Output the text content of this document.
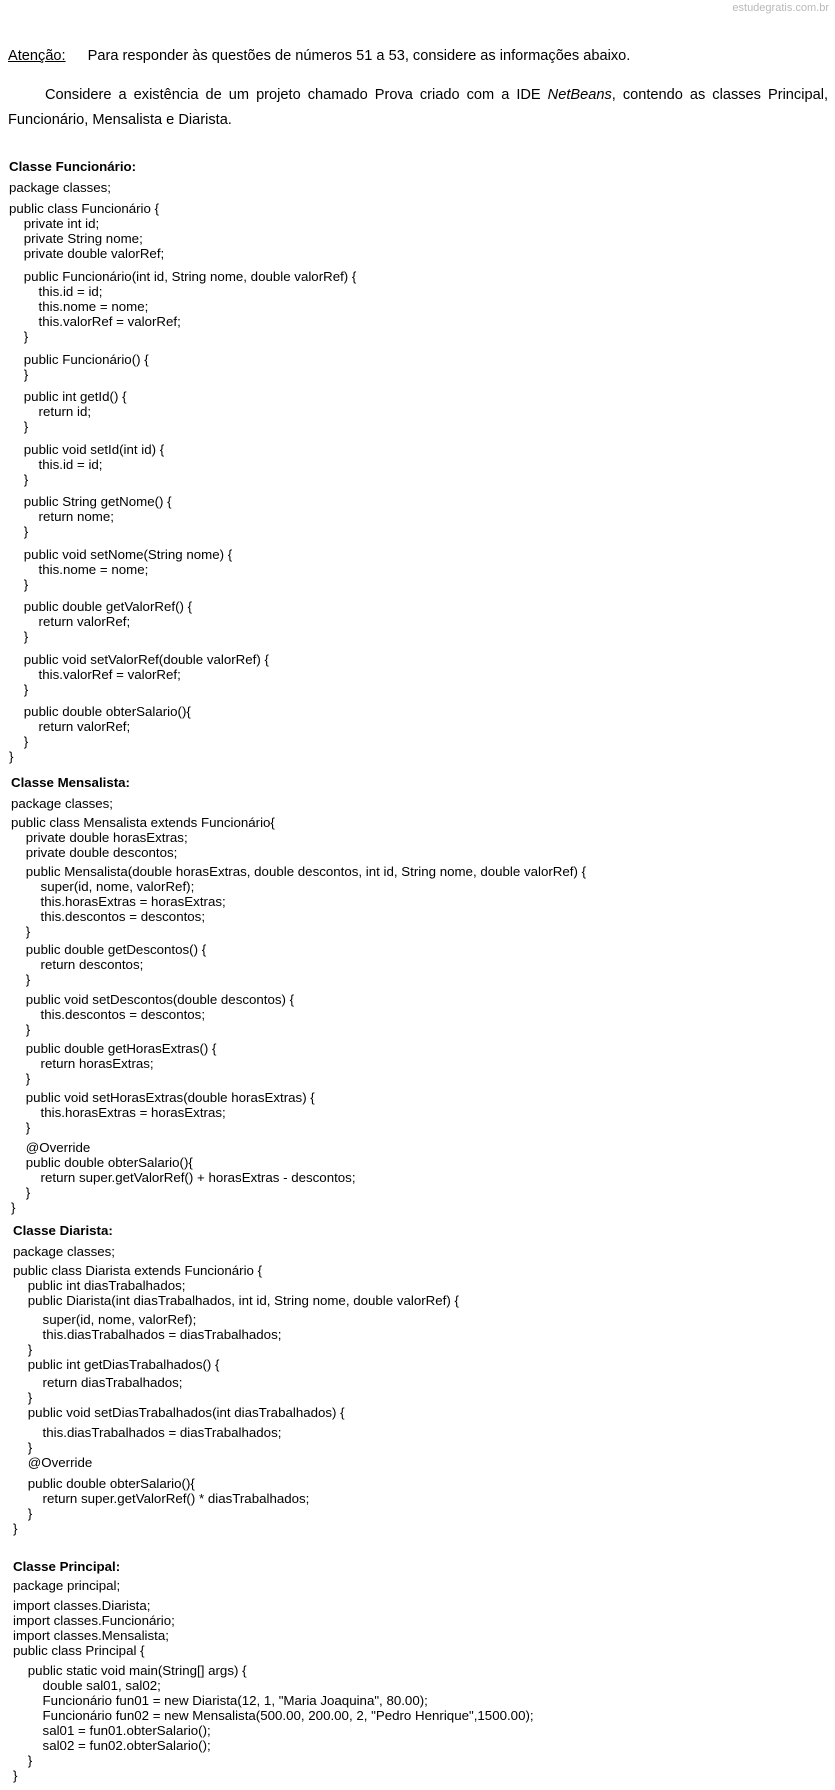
estudegratis.com.br
Atenção: Para responder às questões de números 51 a 53, considere as informações abaixo.
Considere a existência de um projeto chamado Prova criado com a IDE NetBeans, contendo as classes Principal, Funcionário, Mensalista e Diarista.
Classe Funcionário:
package classes;
public class Funcionário {
private int id;
private String nome;
private double valorRef;
public Funcionário(int id, String nome, double valorRef) {
this.id = id;
this.nome = nome;
this.valorRef = valorRef;
}
public Funcionário() {
}
public int getId() {
return id;
}
public void setId(int id) {
this.id = id;
}
public String getNome() {
return nome;
}
public void setNome(String nome) {
this.nome = nome;
}
public double getValorRef() {
return valorRef;
}
public void setValorRef(double valorRef) {
this.valorRef = valorRef;
}
public double obterSalario(){
return valorRef;
}
}
Classe Mensalista:
package classes;
public class Mensalista extends Funcionário{
private double horasExtras;
private double descontos;
public Mensalista(double horasExtras, double descontos, int id, String nome, double valorRef) {
super(id, nome, valorRef);
this.horasExtras = horasExtras;
this.descontos = descontos;
}
public double getDescontos() {
return descontos;
}
public void setDescontos(double descontos) {
this.descontos = descontos;
}
public double getHorasExtras() {
return horasExtras;
}
public void setHorasExtras(double horasExtras) {
this.horasExtras = horasExtras;
}
@Override
public double obterSalario(){
return super.getValorRef() + horasExtras - descontos;
}
}
Classe Diarista:
package classes;
public class Diarista extends Funcionário {
public int diasTrabalhados;
public Diarista(int diasTrabalhados, int id, String nome, double valorRef) {
super(id, nome, valorRef);
this.diasTrabalhados = diasTrabalhados;
}
public int getDiasTrabalhados() {
return diasTrabalhados;
}
public void setDiasTrabalhados(int diasTrabalhados) {
this.diasTrabalhados = diasTrabalhados;
}
@Override
public double obterSalario(){
return super.getValorRef() * diasTrabalhados;
}
}
Classe Principal:
package principal;
import classes.Diarista;
import classes.Funcionário;
import classes.Mensalista;
public class Principal {
public static void main(String[] args) {
double sal01, sal02;
Funcionário fun01 = new Diarista(12, 1, "Maria Joaquina", 80.00);
Funcionário fun02 = new Mensalista(500.00, 200.00, 2, "Pedro Henrique",1500.00);
sal01 = fun01.obterSalario();
sal02 = fun02.obterSalario();
}
}
